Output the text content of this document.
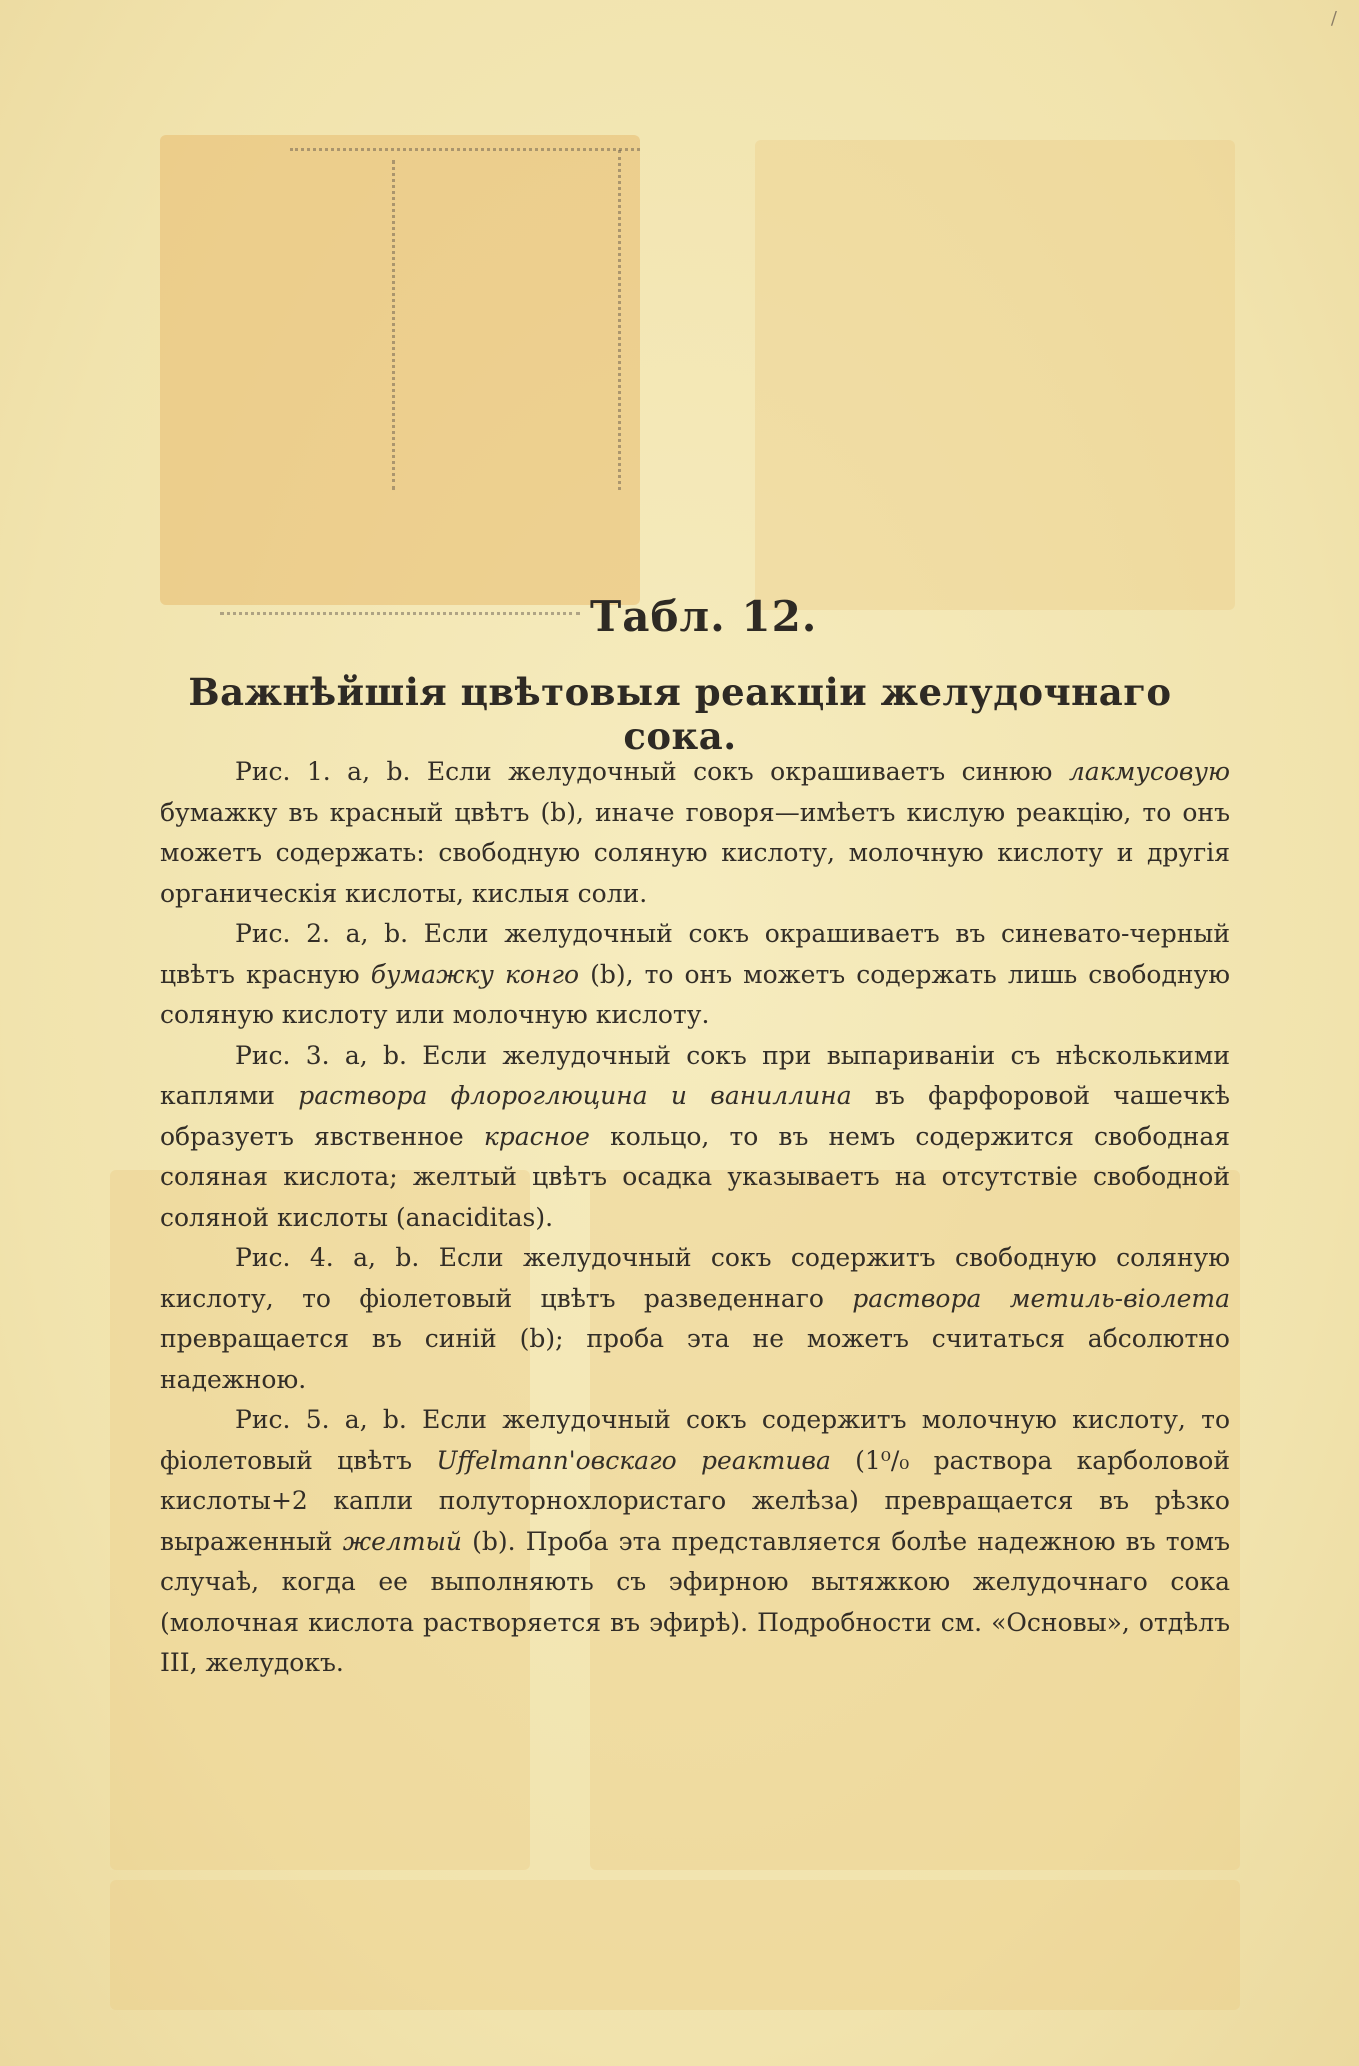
/
Табл. 12.
Важнѣйшія цвѣтовыя реакціи желудочнаго сока.

Рис. 1. a, b. Если желудочный сокъ окрашиваетъ синюю лакмусовую бумажку въ красный цвѣтъ (b), иначе говоря—имѣетъ кислую реакцію, то онъ можетъ содержать: свободную соляную кислоту, молочную кислоту и другія органическія кислоты, кислыя соли.

Рис. 2. a, b. Если желудочный сокъ окрашиваетъ въ синевато-черный цвѣтъ красную бумажку конго (b), то онъ можетъ содержать лишь свободную соляную кислоту или молочную кислоту.

Рис. 3. a, b. Если желудочный сокъ при выпариваніи съ нѣсколькими каплями раствора флороглюцина и ваниллина въ фарфоровой чашечкѣ образуетъ явственное красное кольцо, то въ немъ содержится свободная соляная кислота; желтый цвѣтъ осадка указываетъ на отсутствіе свободной соляной кислоты (anaciditas).

Рис. 4. a, b. Если желудочный сокъ содержитъ свободную соляную кислоту, то фіолетовый цвѣтъ разведеннаго раствора метиль-віолета превращается въ синій (b); проба эта не можетъ считаться абсолютно надежною.

Рис. 5. a, b. Если желудочный сокъ содержитъ молочную кислоту, то фіолетовый цвѣтъ Uffelmann'овскаго реактива (1⁰/₀ раствора карболовой кислоты+2 капли полуторнохлористаго желѣза) превращается въ рѣзко выраженный желтый (b). Проба эта представляется болѣе надежною въ томъ случаѣ, когда ее выполняють съ эфирною вытяжкою желудочнаго сока (молочная кислота растворяется въ эфирѣ). Подробности см. «Основы», отдѣлъ III, желудокъ.
